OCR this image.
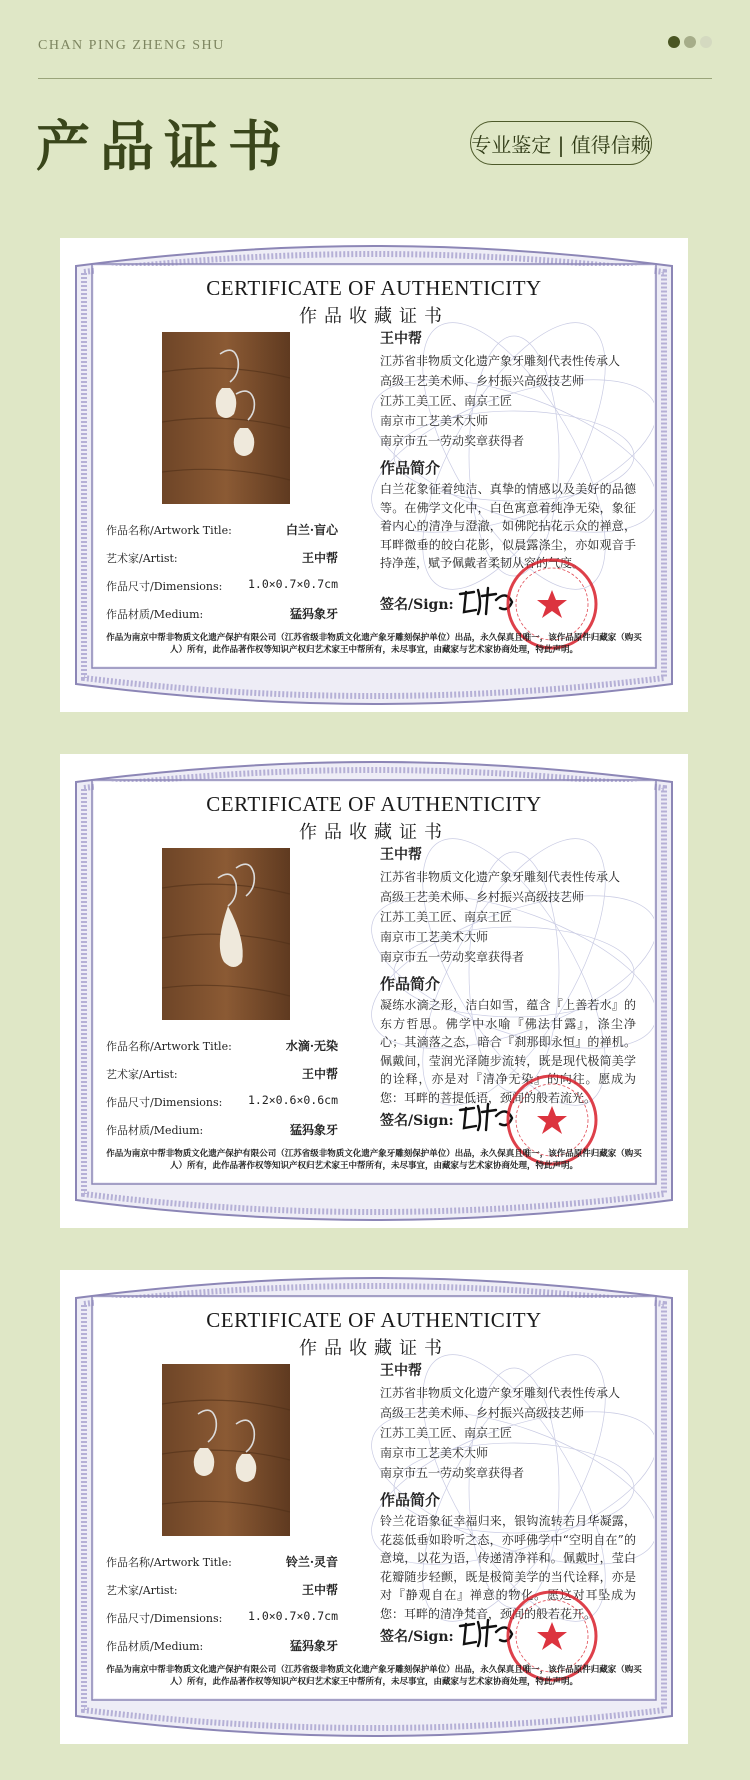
CHAN PING ZHENG SHU
产品证书	专业鉴定 | 值得信赖
CERTIFICATE OF AUTHENTICITY
作品收藏证书
王中帮
江苏省非物质文化遗产象牙雕刻代表性传承人
高级工艺美术师、乡村振兴高级技艺师
江苏工美工匠、南京工匠
南京市工艺美术大师
南京市五一劳动奖章获得者
作品简介
白兰花象征着纯洁、真挚的情感以及美好的品德等。在佛学文化中，白色寓意着纯净无染，象征着内心的清净与澄澈，如佛陀拈花示众的禅意，耳畔微垂的皎白花影，似晨露涤尘，亦如观音手持净莲，赋予佩戴者柔韧从容的气度。
作品名称/Artwork Title:	白兰·盲心
艺术家/Artist:	王中帮
作品尺寸/Dimensions: 1.0×0.7×0.7cm
作品材质/Medium:	猛犸象牙
签名/Sign:
作品为南京中帮非物质文化遗产保护有限公司（江苏省级非物质文化遗产象牙雕刻保护单位）出品，永久保真且唯一，该作品原件归藏家（购买人）所有，此作品著作权等知识产权归艺术家王中帮所有，未尽事宜，由藏家与艺术家协商处理，特此声明。
CERTIFICATE OF AUTHENTICITY
作品收藏证书
王中帮
江苏省非物质文化遗产象牙雕刻代表性传承人
高级工艺美术师、乡村振兴高级技艺师
江苏工美工匠、南京工匠
南京市工艺美术大师
南京市五一劳动奖章获得者
作品简介
凝练水滴之形，洁白如雪，蕴含『上善若水』的东方哲思。佛学中水喻『佛法甘露』，涤尘净心；其滴落之态，暗合『刹那即永恒』的禅机。佩戴间，莹润光泽随步流转，既是现代极简美学的诠释，亦是对『清净无染』的向往。愿成为您：耳畔的菩提低语，颈间的般若流光。
作品名称/Artwork Title:	水滴·无染
艺术家/Artist:	王中帮
作品尺寸/Dimensions: 1.2×0.6×0.6cm
作品材质/Medium:	猛犸象牙
签名/Sign:
作品为南京中帮非物质文化遗产保护有限公司（江苏省级非物质文化遗产象牙雕刻保护单位）出品，永久保真且唯一，该作品原件归藏家（购买人）所有，此作品著作权等知识产权归艺术家王中帮所有，未尽事宜，由藏家与艺术家协商处理，特此声明。
CERTIFICATE OF AUTHENTICITY
作品收藏证书
王中帮
江苏省非物质文化遗产象牙雕刻代表性传承人
高级工艺美术师、乡村振兴高级技艺师
江苏工美工匠、南京工匠
南京市工艺美术大师
南京市五一劳动奖章获得者
作品简介
铃兰花语象征幸福归来，银钩流转若月华凝露，花蕊低垂如聆听之态，亦呼佛学中“空明自在”的意境，以花为语，传递清净祥和。佩戴时，莹白花瓣随步轻颤，既是极简美学的当代诠释，亦是对『静观自在』禅意的物化。愿这对耳坠成为您：耳畔的清净梵音，颈间的般若花开。
作品名称/Artwork Title:	铃兰·灵音
艺术家/Artist:	王中帮
作品尺寸/Dimensions: 1.0×0.7×0.7cm
作品材质/Medium:	猛犸象牙
签名/Sign:
作品为南京中帮非物质文化遗产保护有限公司（江苏省级非物质文化遗产象牙雕刻保护单位）出品，永久保真且唯一，该作品原件归藏家（购买人）所有，此作品著作权等知识产权归艺术家王中帮所有，未尽事宜，由藏家与艺术家协商处理，特此声明。
